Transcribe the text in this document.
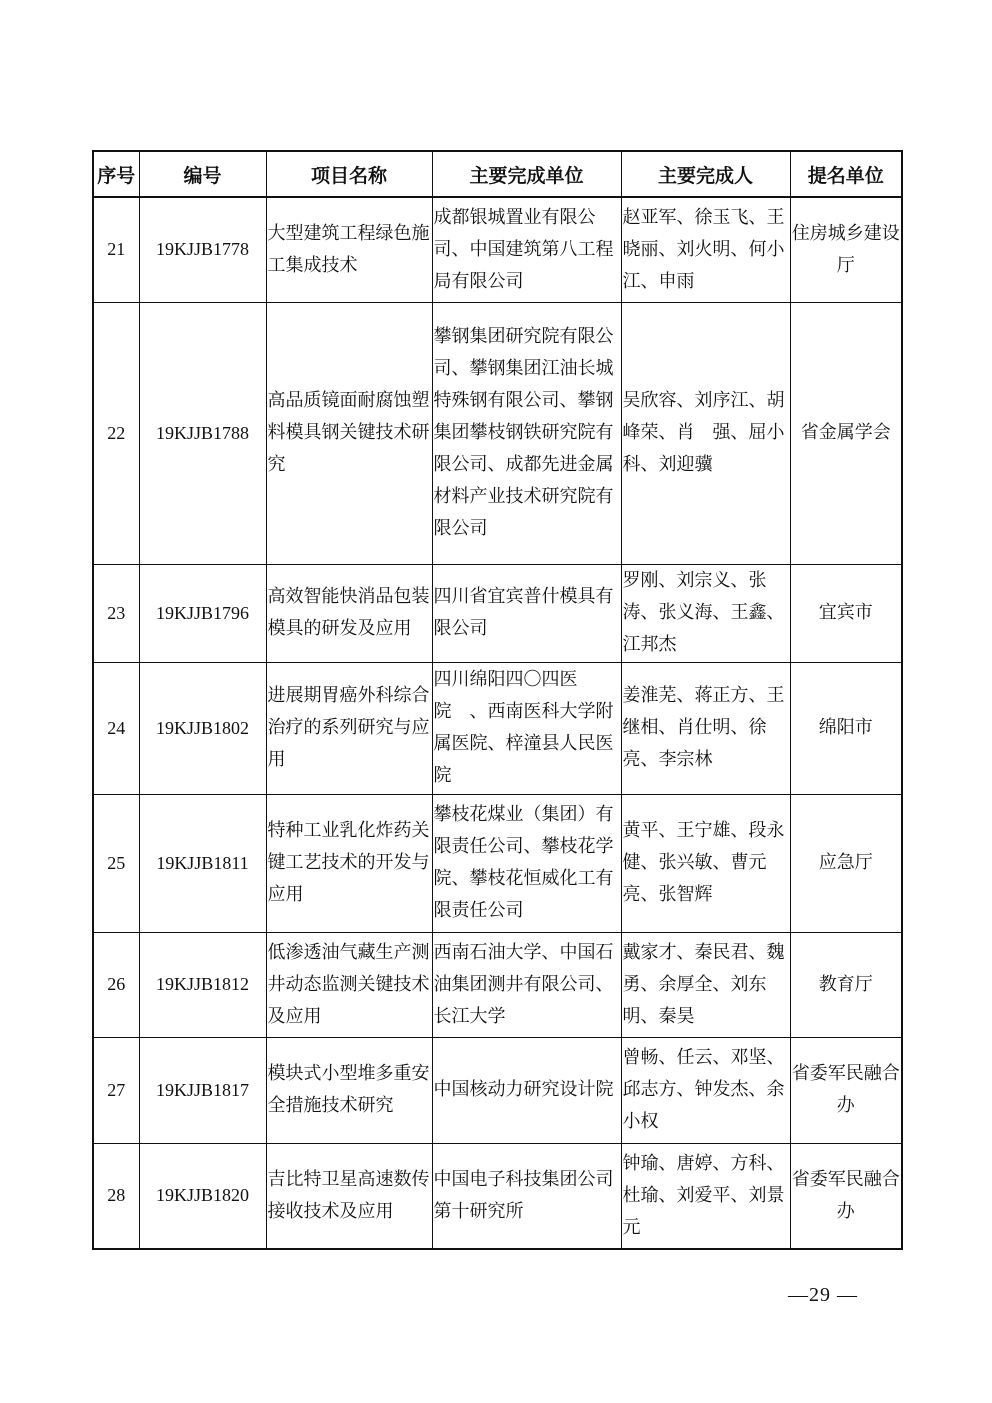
序号	编号	项目名称	主要完成单位	主要完成人	提名单位
21	19KJJB1778	大型建筑工程绿色施工集成技术	成都银城置业有限公司、中国建筑第八工程局有限公司	赵亚军、徐玉飞、王晓丽、刘火明、何小江、申雨	住房城乡建设厅
22	19KJJB1788	高品质镜面耐腐蚀塑料模具钢关键技术研究	攀钢集团研究院有限公司、攀钢集团江油长城特殊钢有限公司、攀钢集团攀枝钢铁研究院有限公司、成都先进金属材料产业技术研究院有限公司	吴欣容、刘序江、胡峰荣、肖　强、屈小科、刘迎骥	省金属学会
23	19KJJB1796	高效智能快消品包装模具的研发及应用	四川省宜宾普什模具有限公司	罗刚、刘宗义、张涛、张义海、王鑫、江邦杰	宜宾市
24	19KJJB1802	进展期胃癌外科综合治疗的系列研究与应用	四川绵阳四〇四医院　、西南医科大学附属医院、梓潼县人民医院	姜淮芜、蒋正方、王继相、肖仕明、徐亮、李宗林	绵阳市
25	19KJJB1811	特种工业乳化炸药关键工艺技术的开发与应用	攀枝花煤业（集团）有限责任公司、攀枝花学院、攀枝花恒威化工有限责任公司	黄平、王宁雄、段永健、张兴敏、曹元亮、张智辉	应急厅
26	19KJJB1812	低渗透油气藏生产测井动态监测关键技术及应用	西南石油大学、中国石油集团测井有限公司、长江大学	戴家才、秦民君、魏勇、余厚全、刘东明、秦昊	教育厅
27	19KJJB1817	模块式小型堆多重安全措施技术研究	中国核动力研究设计院	曾畅、任云、邓坚、邱志方、钟发杰、余小权	省委军民融合办
28	19KJJB1820	吉比特卫星高速数传接收技术及应用	中国电子科技集团公司第十研究所	钟瑜、唐婷、方科、杜瑜、刘爱平、刘景元	省委军民融合办
—29 —
